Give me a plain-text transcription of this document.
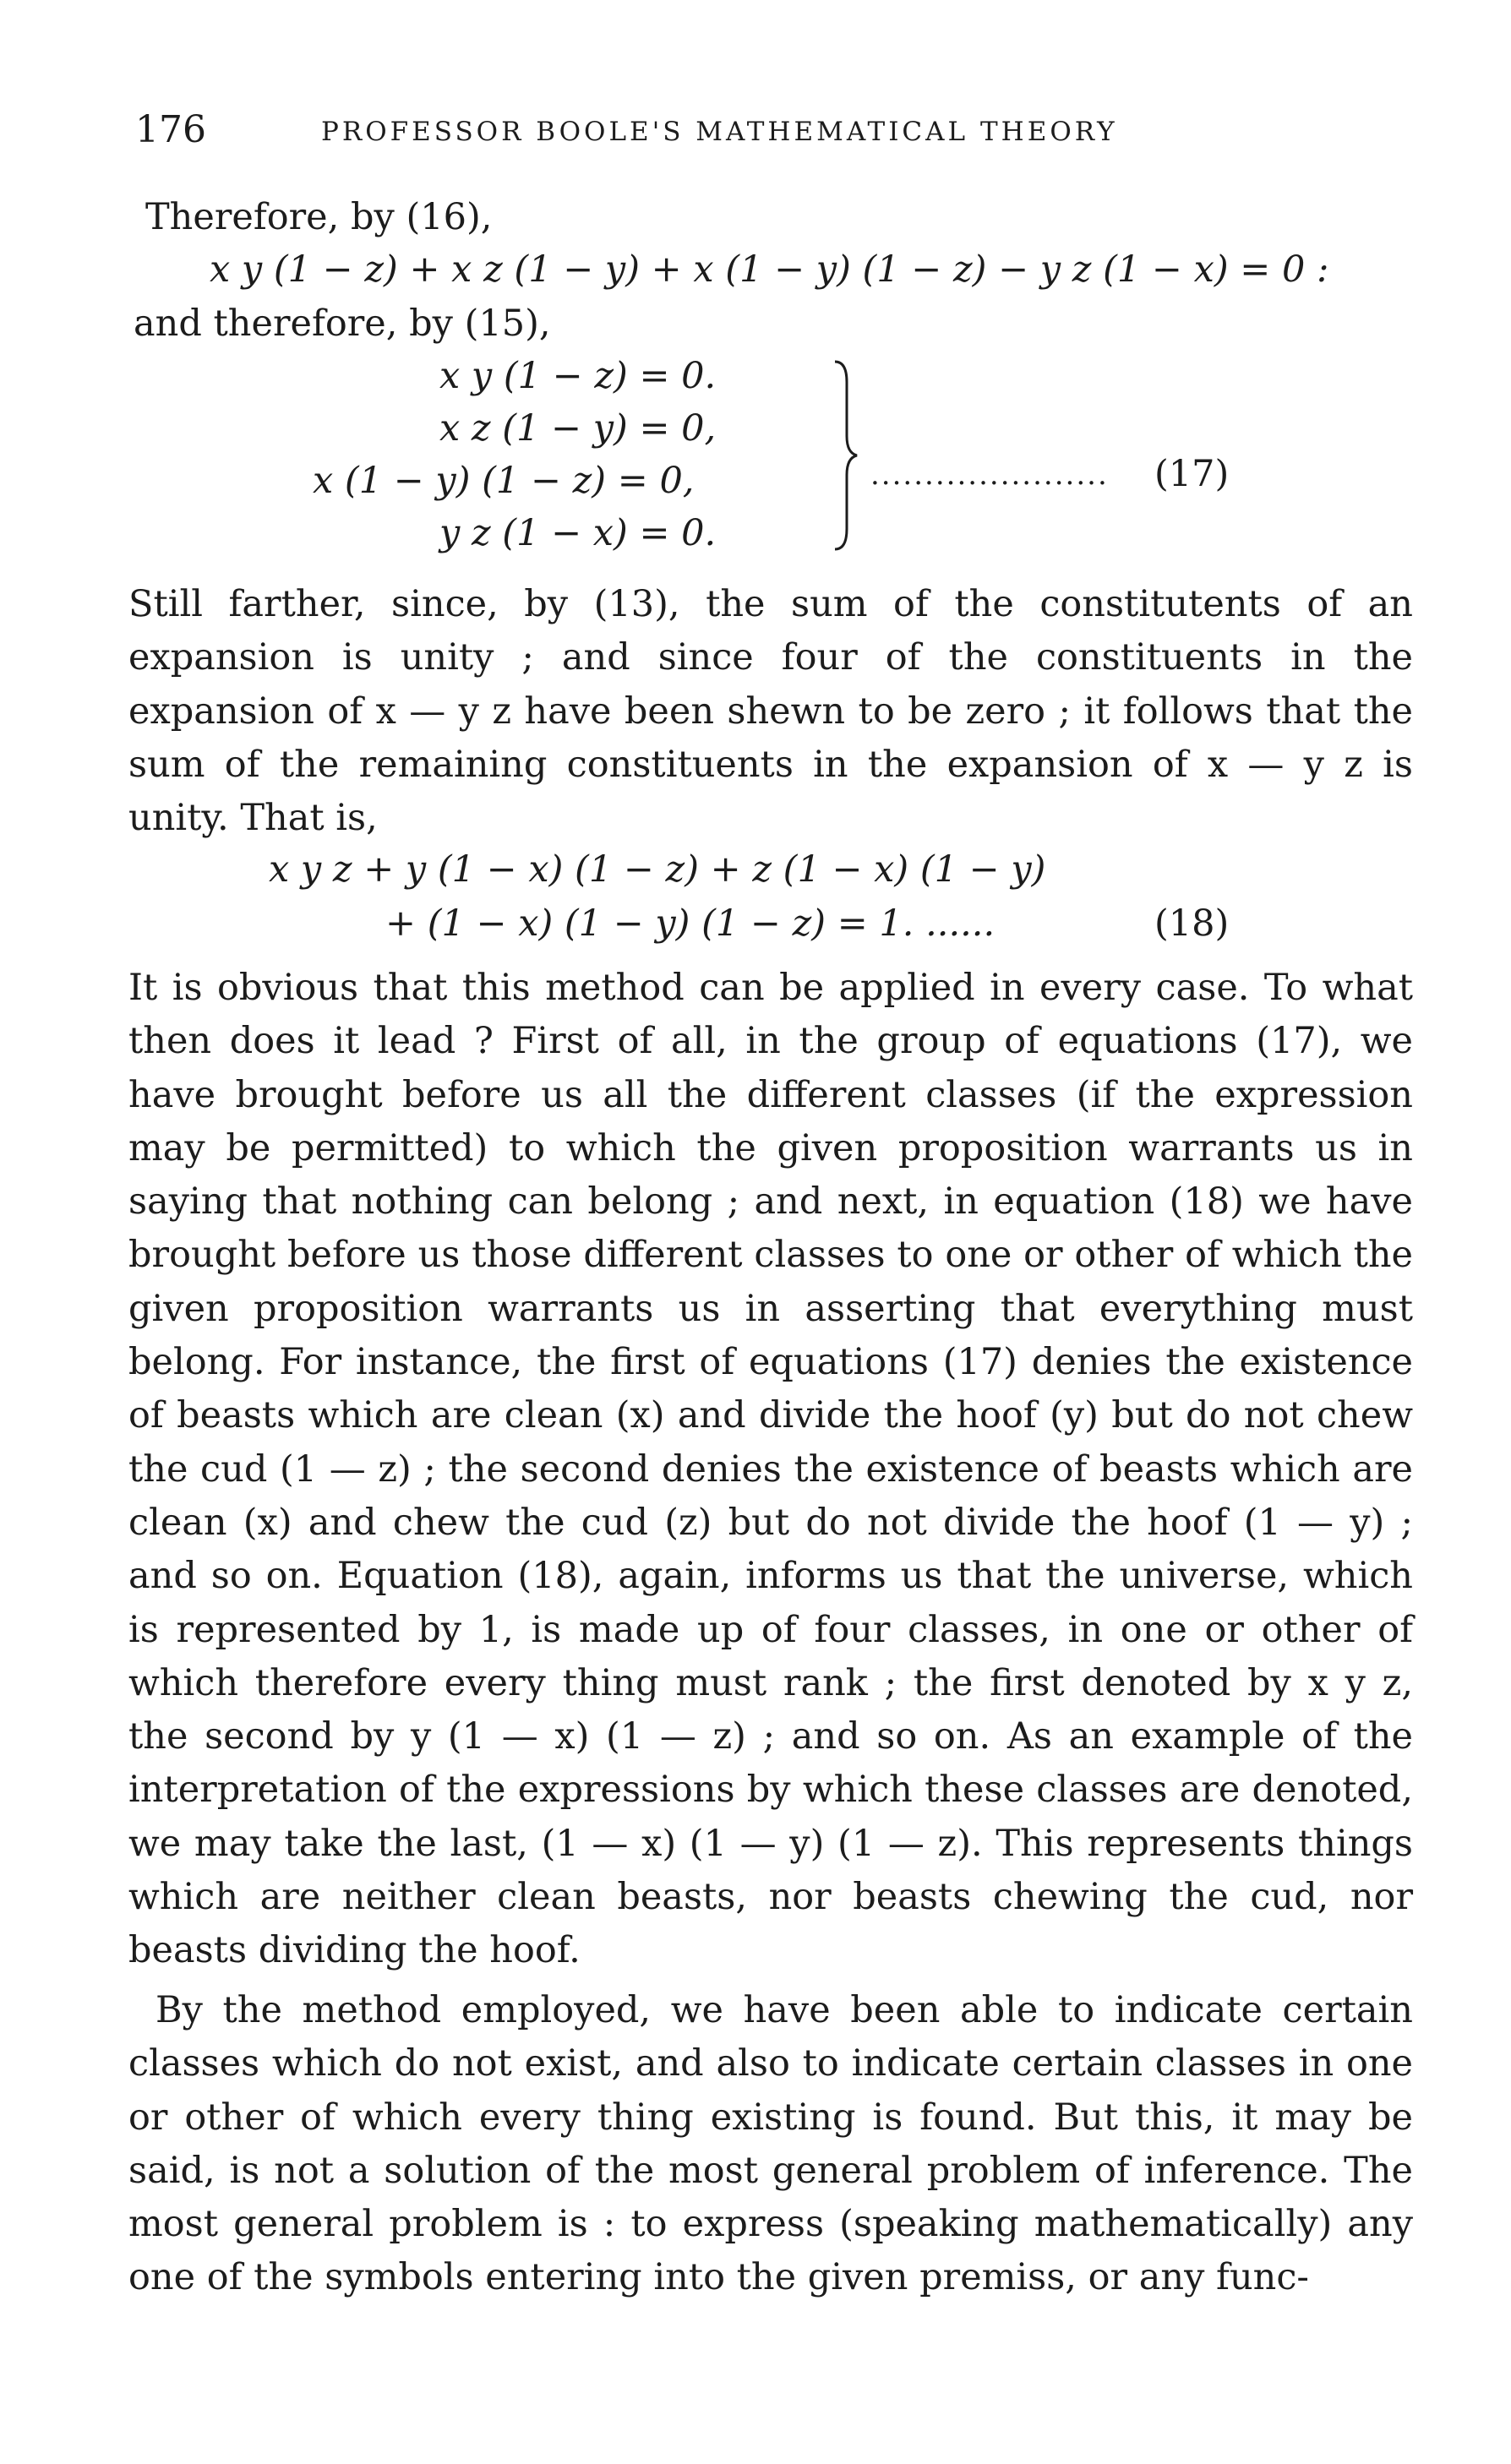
176	PROFESSOR BOOLE'S MATHEMATICAL THEORY
Therefore, by (16),
x y (1 − z) + x z (1 − y) + x (1 − y) (1 − z) − y z (1 − x) = 0 :
and therefore, by (15),
x y (1 − z) = 0.
x z (1 − y) = 0,
x (1 − y) (1 − z) = 0,
y z (1 − x) = 0.
...................... (17)
Still farther, since, by (13), the sum of the constitutents of an expansion is unity ; and since four of the constituents in the expansion of x — y z have been shewn to be zero ; it follows that the sum of the remaining constituents in the expansion of x — y z is unity. That is,
x y z + y (1 − x) (1 − z) + z (1 − x) (1 − y)
+ (1 − x) (1 − y) (1 − z) = 1. ......	(18)
It is obvious that this method can be applied in every case. To what then does it lead ? First of all, in the group of equations (17), we have brought before us all the different classes (if the expression may be permitted) to which the given proposition warrants us in saying that nothing can belong ; and next, in equation (18) we have brought before us those different classes to one or other of which the given proposition warrants us in asserting that everything must belong. For instance, the first of equations (17) denies the existence of beasts which are clean (x) and divide the hoof (y) but do not chew the cud (1 — z) ; the second denies the existence of beasts which are clean (x) and chew the cud (z) but do not divide the hoof (1 — y) ; and so on. Equation (18), again, informs us that the universe, which is represented by 1, is made up of four classes, in one or other of which therefore every thing must rank ; the first denoted by x y z, the second by y (1 — x) (1 — z) ; and so on. As an example of the interpretation of the expressions by which these classes are denoted, we may take the last, (1 — x) (1 — y) (1 — z). This represents things which are neither clean beasts, nor beasts chewing the cud, nor beasts dividing the hoof.
By the method employed, we have been able to indicate certain classes which do not exist, and also to indicate certain classes in one or other of which every thing existing is found. But this, it may be said, is not a solution of the most general problem of inference. The most general problem is : to express (speaking mathematically) any one of the symbols entering into the given premiss, or any func-
